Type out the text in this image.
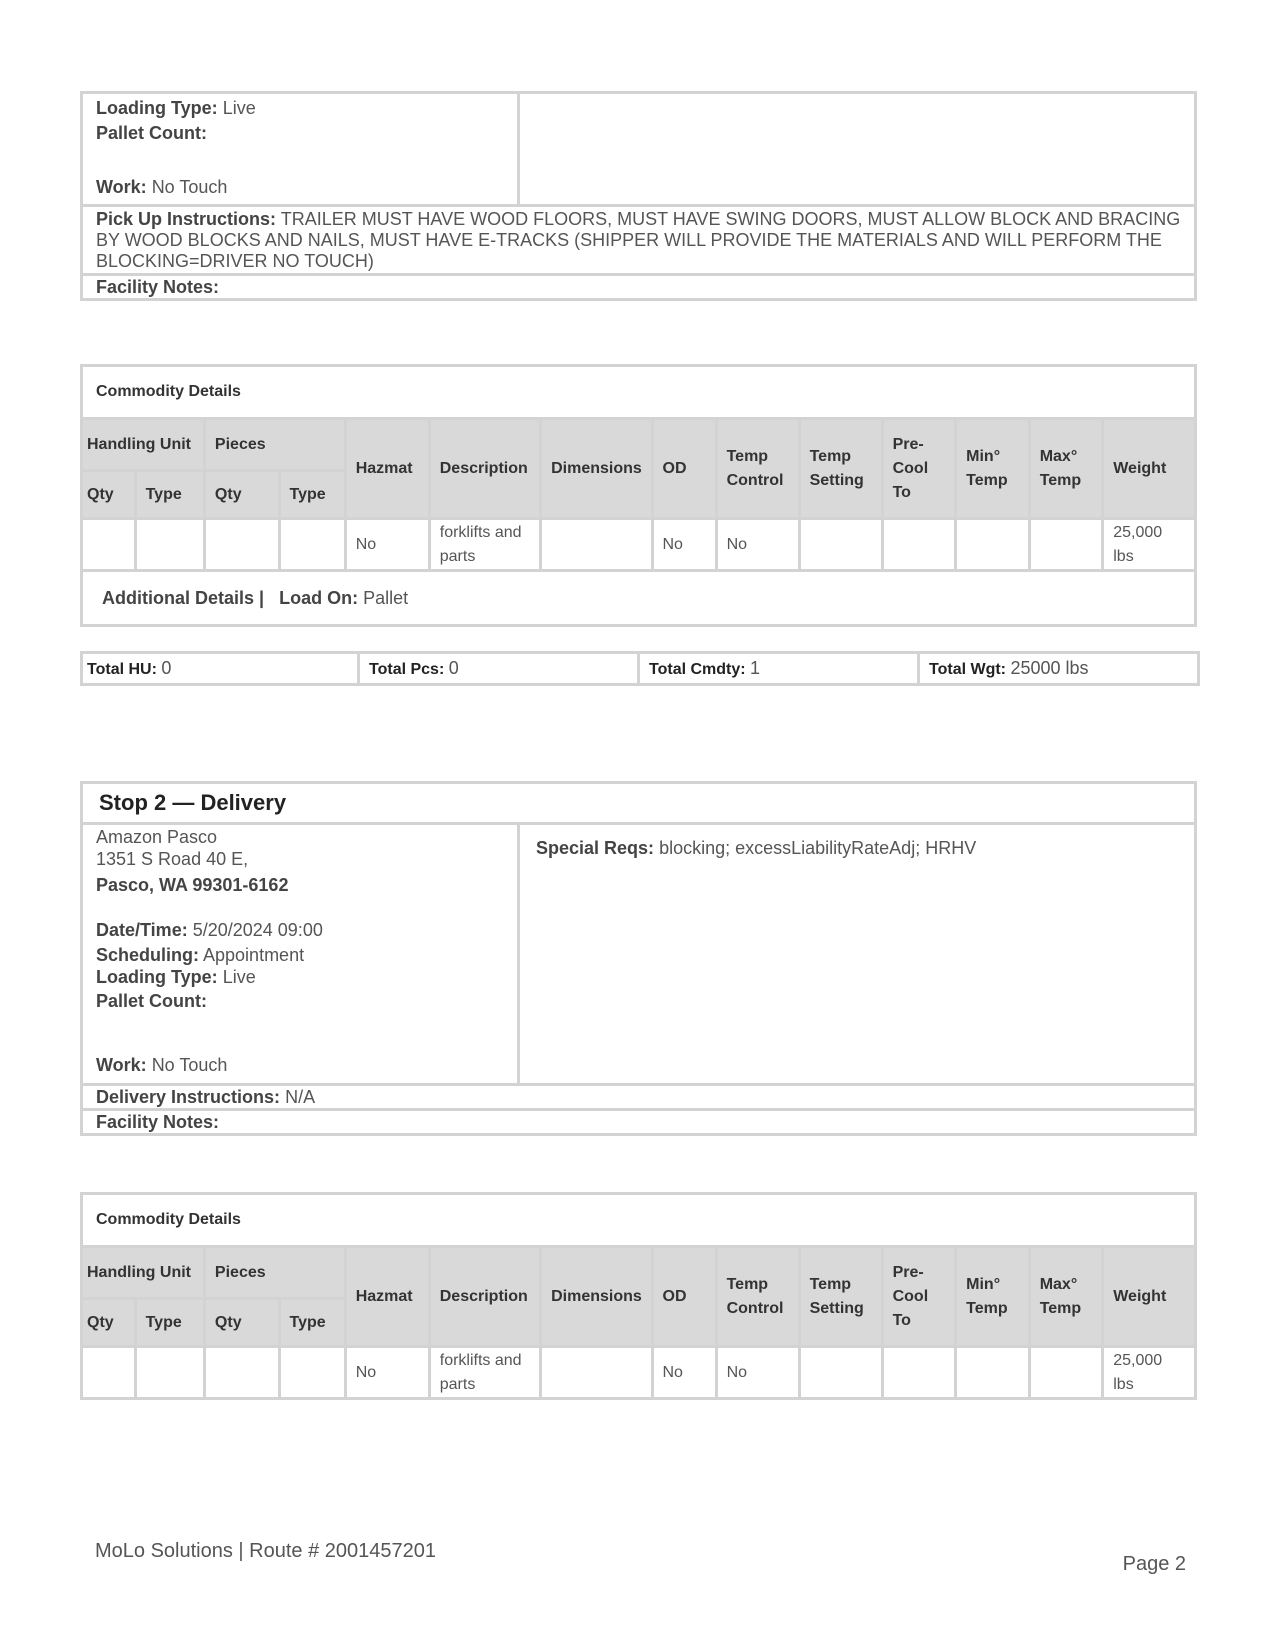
Loading Type: Live
Pallet Count:
Work: No Touch
Pick Up Instructions: TRAILER MUST HAVE WOOD FLOORS, MUST HAVE SWING DOORS, MUST ALLOW BLOCK AND BRACING BY WOOD BLOCKS AND NAILS, MUST HAVE E-TRACKS (SHIPPER WILL PROVIDE THE MATERIALS AND WILL PERFORM THE BLOCKING=DRIVER NO TOUCH)
Facility Notes:
Commodity Details													
Handling Unit		Pieces		Hazmat	Description	Dimensions	OD	Temp Control	Temp Setting	Pre-Cool To	Min° Temp	Max° Temp	Weight
Qty	Type	Qty	Type										
				No	forklifts and parts		No	No					25,000 lbs
Additional Details | Load On: Pallet													
Total HU: 0	Total Pcs: 0	Total Cmdty: 1	Total Wgt: 25000 lbs
Stop 2 — Delivery
Amazon Pasco
1351 S Road 40 E,
Pasco, WA 99301-6162
Date/Time: 5/20/2024 09:00
Scheduling: Appointment
Loading Type: Live
Pallet Count:
Work: No Touch
Special Reqs: blocking; excessLiabilityRateAdj; HRHV
Delivery Instructions: N/A
Facility Notes:
Commodity Details													
Handling Unit		Pieces		Hazmat	Description	Dimensions	OD	Temp Control	Temp Setting	Pre-Cool To	Min° Temp	Max° Temp	Weight
Qty	Type	Qty	Type										
				No	forklifts and parts		No	No					25,000 lbs
MoLo Solutions | Route # 2001457201
Page 2
